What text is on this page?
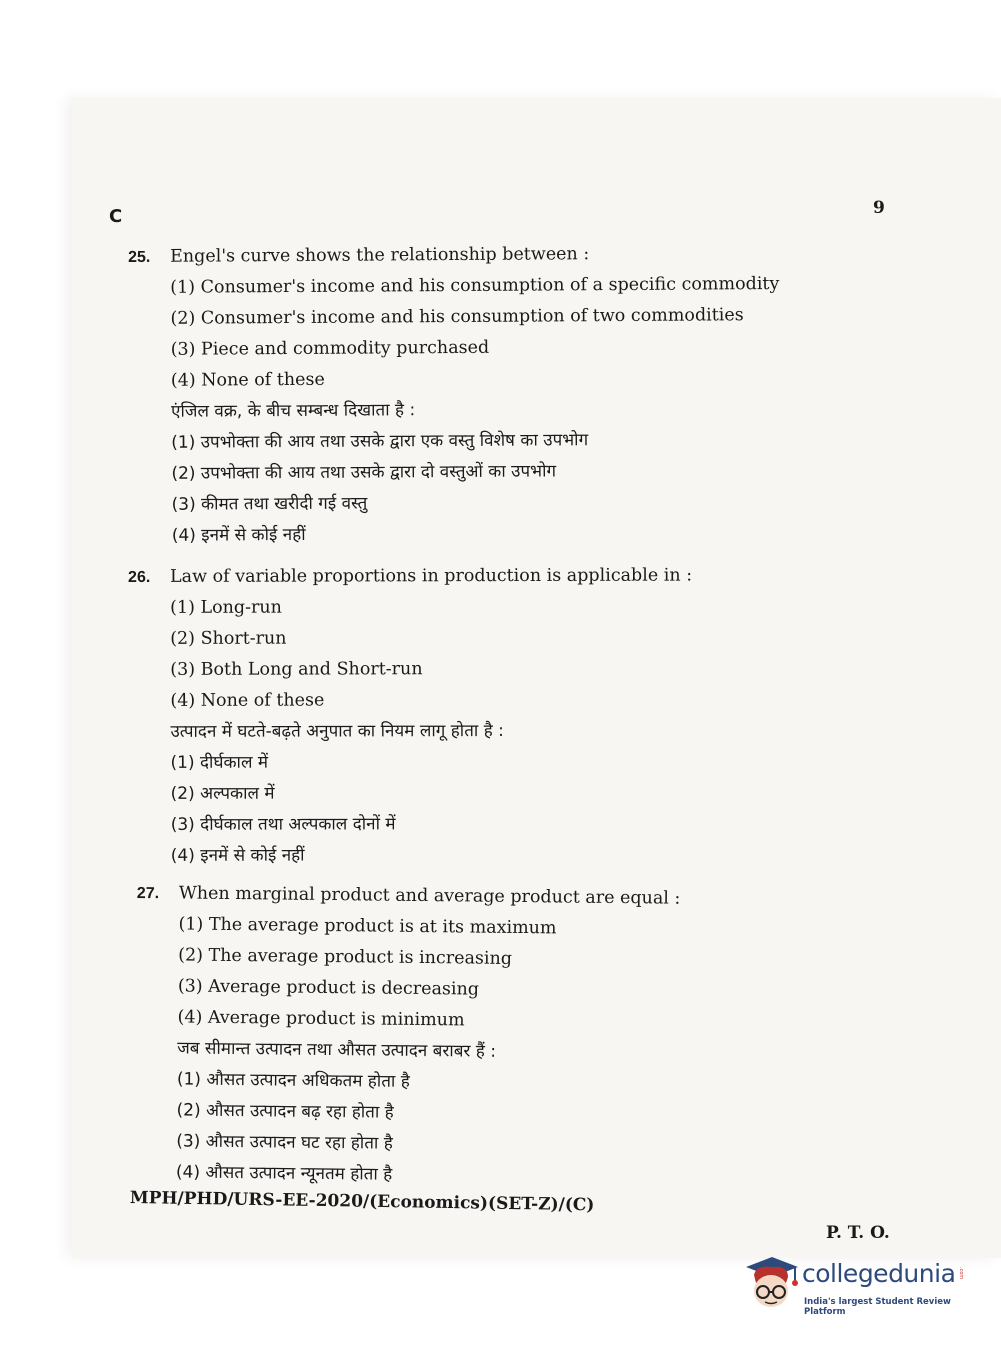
C	9
25. Engel's curve shows the relationship between :
(1) Consumer's income and his consumption of a specific commodity
(2) Consumer's income and his consumption of two commodities
(3) Piece and commodity purchased
(4) None of these
एंजिल वक्र, के बीच सम्बन्ध दिखाता है :
(1) उपभोक्ता की आय तथा उसके द्वारा एक वस्तु विशेष का उपभोग
(2) उपभोक्ता की आय तथा उसके द्वारा दो वस्तुओं का उपभोग
(3) कीमत तथा खरीदी गई वस्तु
(4) इनमें से कोई नहीं
26. Law of variable proportions in production is applicable in :
(1) Long-run
(2) Short-run
(3) Both Long and Short-run
(4) None of these
उत्पादन में घटते-बढ़ते अनुपात का नियम लागू होता है :
(1) दीर्घकाल में
(2) अल्पकाल में
(3) दीर्घकाल तथा अल्पकाल दोनों में
(4) इनमें से कोई नहीं
27. When marginal product and average product are equal :
(1) The average product is at its maximum
(2) The average product is increasing
(3) Average product is decreasing
(4) Average product is minimum
जब सीमान्त उत्पादन तथा औसत उत्पादन बराबर हैं :
(1) औसत उत्पादन अधिकतम होता है
(2) औसत उत्पादन बढ़ रहा होता है
(3) औसत उत्पादन घट रहा होता है
(4) औसत उत्पादन न्यूनतम होता है
MPH/PHD/URS-EE-2020/(Economics)(SET-Z)/(C)
P. T. O.
collegedunia .com
India's largest Student Review Platform
